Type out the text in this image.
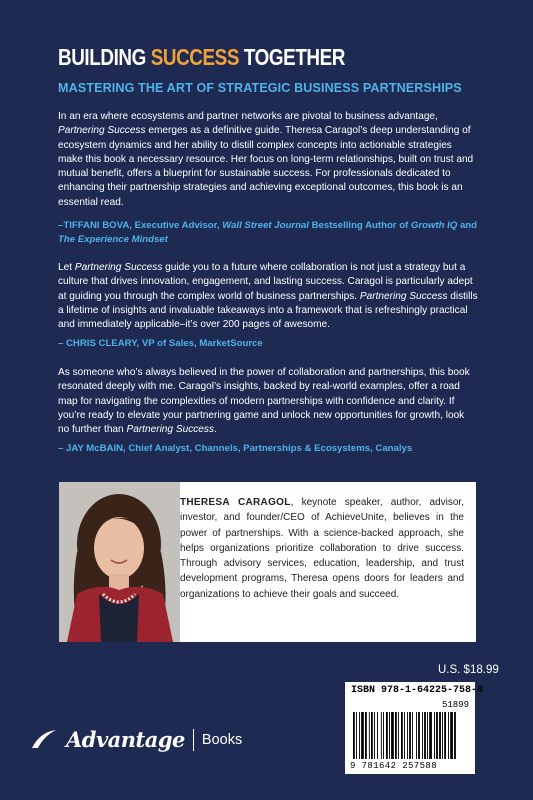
BUILDING SUCCESS TOGETHER
MASTERING THE ART OF STRATEGIC BUSINESS PARTNERSHIPS
In an era where ecosystems and partner networks are pivotal to business advantage, Partnering Success emerges as a definitive guide. Theresa Caragol’s deep understanding of ecosystem dynamics and her ability to distill complex concepts into actionable strategies make this book a necessary resource. Her focus on long-term relationships, built on trust and mutual benefit, offers a blueprint for sustainable success. For professionals dedicated to enhancing their partnership strategies and achieving exceptional outcomes, this book is an essential read.
–TIFFANI BOVA, Executive Advisor, Wall Street Journal Bestselling Author of Growth IQ and The Experience Mindset
Let Partnering Success guide you to a future where collaboration is not just a strategy but a culture that drives innovation, engagement, and lasting success. Caragol is particularly adept at guiding you through the complex world of business partnerships. Partnering Success distills a lifetime of insights and invaluable takeaways into a framework that is refreshingly practical and immediately applicable–it’s over 200 pages of awesome.
– CHRIS CLEARY, VP of Sales, MarketSource
As someone who’s always believed in the power of collaboration and partnerships, this book resonated deeply with me. Caragol’s insights, backed by real-world examples, offer a road map for navigating the complexities of modern partnerships with confidence and clarity. If you’re ready to elevate your partnering game and unlock new opportunities for growth, look no further than Partnering Success.
– JAY McBAIN, Chief Analyst, Channels, Partnerships & Ecosystems, Canalys
THERESA CARAGOL, keynote speaker, author, advisor, investor, and founder/CEO of AchieveUnite, believes in the power of partnerships. With a science-backed approach, she helps organizations prioritize collaboration to drive success. Through advisory services, education, leadership, and trust development programs, Theresa opens doors for leaders and organizations to achieve their goals and succeed.
U.S. $18.99
ISBN 978-1-64225-758-8
51899
9 781642 257588
Advantage Books
